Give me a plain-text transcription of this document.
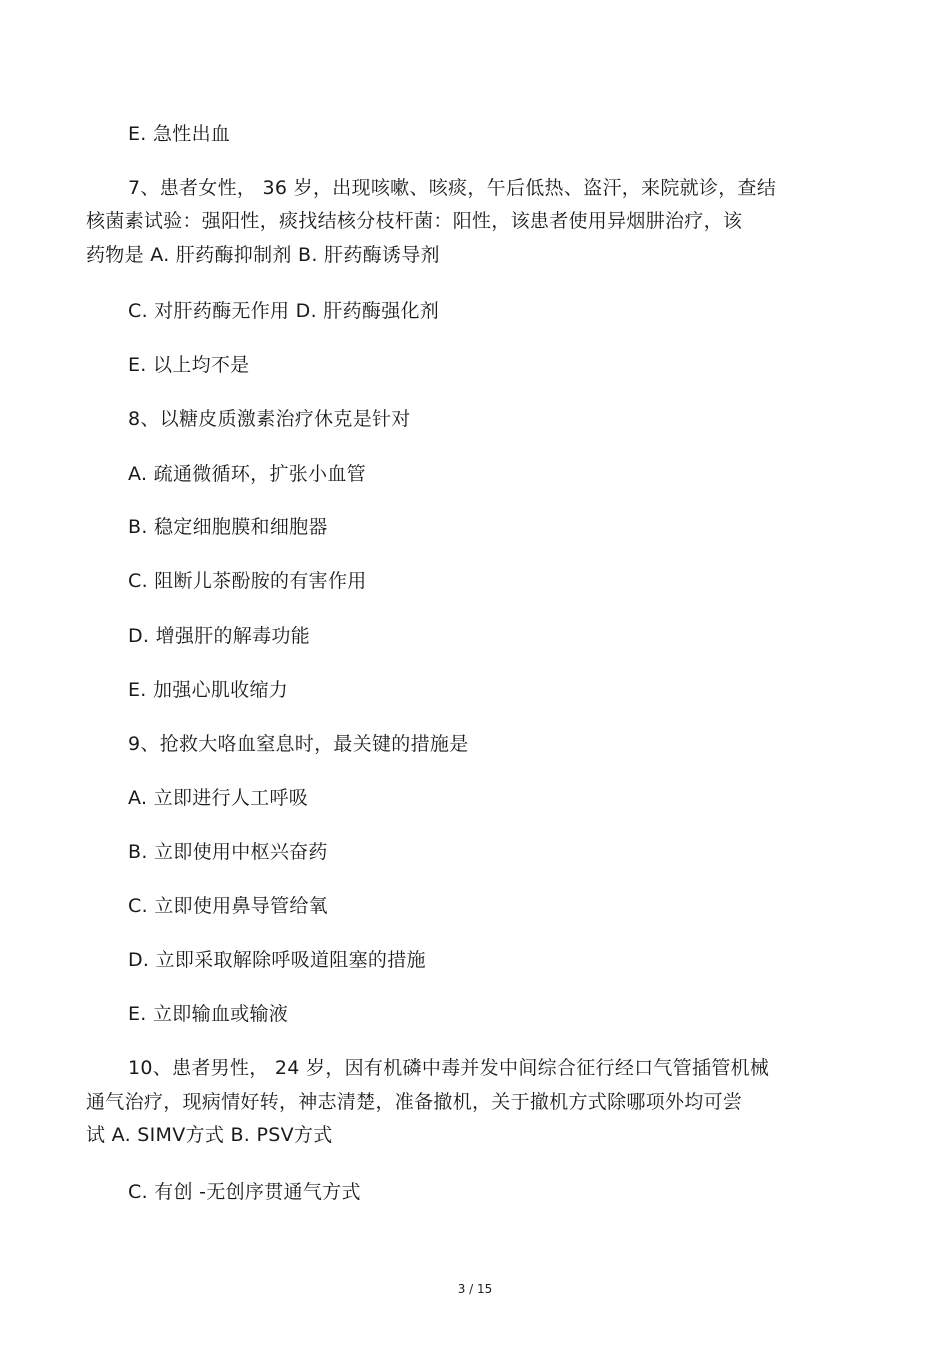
E. 急性出血
7、患者女性， 36 岁，出现咳嗽、咳痰，午后低热、盗汗，来院就诊，查结
核菌素试验：强阳性，痰找结核分枝杆菌：阳性，该患者使用异烟肼治疗，该
药物是 A. 肝药酶抑制剂 B. 肝药酶诱导剂
C. 对肝药酶无作用 D. 肝药酶强化剂
E. 以上均不是
8、以糖皮质激素治疗休克是针对
A. 疏通微循环，扩张小血管
B. 稳定细胞膜和细胞器
C. 阻断儿茶酚胺的有害作用
D. 增强肝的解毒功能
E. 加强心肌收缩力
9、抢救大咯血窒息时，最关键的措施是
A. 立即进行人工呼吸
B. 立即使用中枢兴奋药
C. 立即使用鼻导管给氧
D. 立即采取解除呼吸道阻塞的措施
E. 立即输血或输液
10、患者男性， 24 岁，因有机磷中毒并发中间综合征行经口气管插管机械
通气治疗，现病情好转，神志清楚，准备撤机，关于撤机方式除哪项外均可尝
试 A. SIMV方式 B. PSV方式
C. 有创 -无创序贯通气方式
3 / 15
